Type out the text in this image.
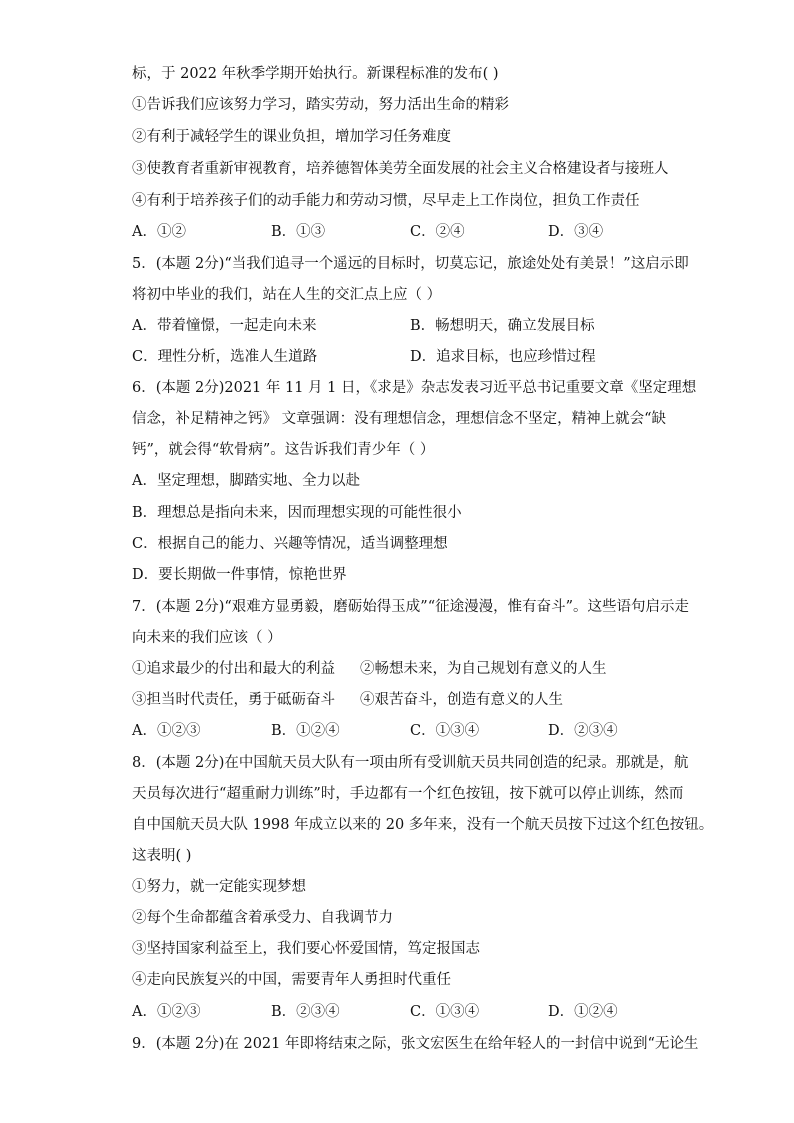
标，于 2022 年秋季学期开始执行。新课程标准的发布( )
①告诉我们应该努力学习，踏实劳动，努力活出生命的精彩
②有利于减轻学生的课业负担，增加学习任务难度
③使教育者重新审视教育，培养德智体美劳全面发展的社会主义合格建设者与接班人
④有利于培养孩子们的动手能力和劳动习惯，尽早走上工作岗位，担负工作责任
A．①②	B．①③	C．②④	D．③④
5．(本题 2分)“当我们追寻一个遥远的目标时，切莫忘记，旅途处处有美景！”这启示即
将初中毕业的我们，站在人生的交汇点上应（ ）
A．带着憧憬，一起走向未来	B．畅想明天，确立发展目标
C．理性分析，选准人生道路	D．追求目标，也应珍惜过程
6．(本题 2分)2021 年 11 月 1 日，《求是》杂志发表习近平总书记重要文章《坚定理想
信念，补足精神之钙》 文章强调：没有理想信念，理想信念不坚定，精神上就会“缺
钙”，就会得“软骨病”。这告诉我们青少年（ ）
A．坚定理想，脚踏实地、全力以赴
B．理想总是指向未来，因而理想实现的可能性很小
C．根据自己的能力、兴趣等情况，适当调整理想
D．要长期做一件事情，惊艳世界
7．(本题 2分)“艰难方显勇毅，磨砺始得玉成”“征途漫漫，惟有奋斗”。这些语句启示走
向未来的我们应该（ ）
①追求最少的付出和最大的利益 ②畅想未来，为自己规划有意义的人生
③担当时代责任，勇于砥砺奋斗 ④艰苦奋斗，创造有意义的人生
A．①②③	B．①②④	C．①③④	D．②③④
8．(本题 2分)在中国航天员大队有一项由所有受训航天员共同创造的纪录。那就是，航
天员每次进行“超重耐力训练”时，手边都有一个红色按钮，按下就可以停止训练，然而
自中国航天员大队 1998 年成立以来的 20 多年来，没有一个航天员按下过这个红色按钮。
这表明( )
①努力，就一定能实现梦想
②每个生命都蕴含着承受力、自我调节力
③坚持国家利益至上，我们要心怀爱国情，笃定报国志
④走向民族复兴的中国，需要青年人勇担时代重任
A．①②③	B．②③④	C．①③④	D．①②④
9．(本题 2分)在 2021 年即将结束之际，张文宏医生在给年轻人的一封信中说到“无论生
